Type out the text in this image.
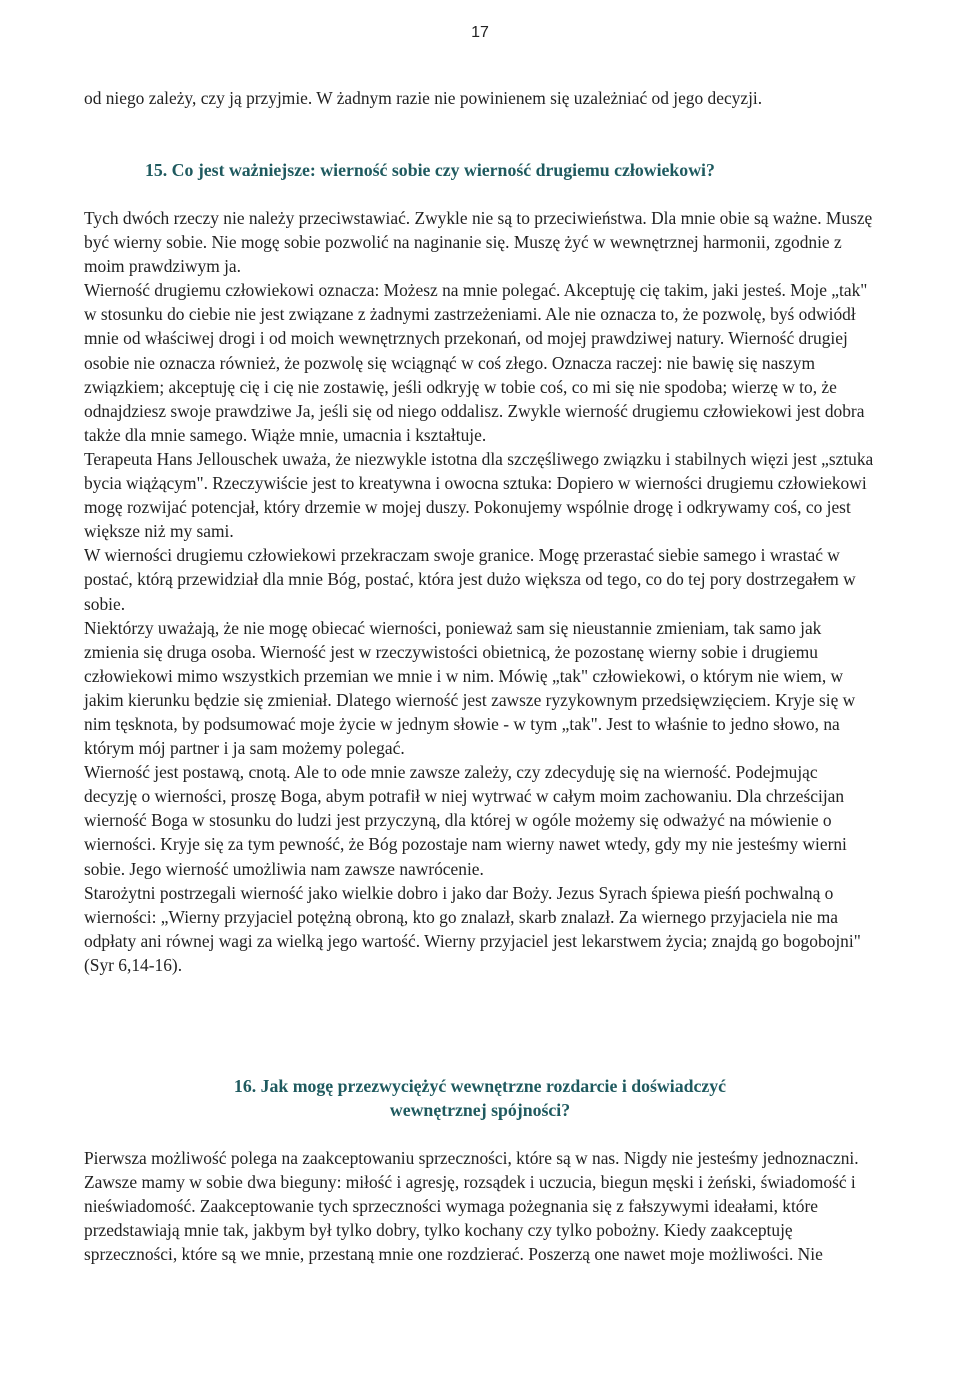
17

od niego zależy, czy ją przyjmie. W żadnym razie nie powinienem się uzależniać od jego decyzji.

15. Co jest ważniejsze: wierność sobie czy wierność drugiemu człowiekowi?

Tych dwóch rzeczy nie należy przeciwstawiać. Zwykle nie są to przeciwieństwa. Dla mnie obie są ważne. Muszę być wierny sobie. Nie mogę sobie pozwolić na naginanie się. Muszę żyć w wewnętrznej harmonii, zgodnie z moim prawdziwym ja.

Wierność drugiemu człowiekowi oznacza: Możesz na mnie polegać. Akceptuję cię takim, jaki jesteś. Moje „tak" w stosunku do ciebie nie jest związane z żadnymi zastrzeżeniami. Ale nie oznacza to, że pozwolę, byś odwiódł mnie od właściwej drogi i od moich wewnętrznych przekonań, od mojej prawdziwej natury. Wierność drugiej osobie nie oznacza również, że pozwolę się wciągnąć w coś złego. Oznacza raczej: nie bawię się naszym związkiem; akceptuję cię i cię nie zostawię, jeśli odkryję w tobie coś, co mi się nie spodoba; wierzę w to, że odnajdziesz swoje prawdziwe Ja, jeśli się od niego oddalisz. Zwykle wierność drugiemu człowiekowi jest dobra także dla mnie samego. Wiąże mnie, umacnia i kształtuje.

Terapeuta Hans Jellouschek uważa, że niezwykle istotna dla szczęśliwego związku i stabilnych więzi jest „sztuka bycia wiążącym". Rzeczywiście jest to kreatywna i owocna sztuka: Dopiero w wierności drugiemu człowiekowi mogę rozwijać potencjał, który drzemie w mojej duszy. Pokonujemy wspólnie drogę i odkrywamy coś, co jest większe niż my sami.

W wierności drugiemu człowiekowi przekraczam swoje granice. Mogę przerastać siebie samego i wrastać w postać, którą przewidział dla mnie Bóg, postać, która jest dużo większa od tego, co do tej pory dostrzegałem w sobie.

Niektórzy uważają, że nie mogę obiecać wierności, ponieważ sam się nieustannie zmieniam, tak samo jak zmienia się druga osoba. Wierność jest w rzeczywistości obietnicą, że pozostanę wierny sobie i drugiemu człowiekowi mimo wszystkich przemian we mnie i w nim. Mówię „tak" człowiekowi, o którym nie wiem, w jakim kierunku będzie się zmieniał. Dlatego wierność jest zawsze ryzykownym przedsięwzięciem. Kryje się w nim tęsknota, by podsumować moje życie w jednym słowie - w tym „tak". Jest to właśnie to jedno słowo, na którym mój partner i ja sam możemy polegać.

Wierność jest postawą, cnotą. Ale to ode mnie zawsze zależy, czy zdecyduję się na wierność. Podejmując decyzję o wierności, proszę Boga, abym potrafił w niej wytrwać w całym moim zachowaniu. Dla chrześcijan wierność Boga w stosunku do ludzi jest przyczyną, dla której w ogóle możemy się odważyć na mówienie o wierności. Kryje się za tym pewność, że Bóg pozostaje nam wierny nawet wtedy, gdy my nie jesteśmy wierni sobie. Jego wierność umożliwia nam zawsze nawrócenie.

Starożytni postrzegali wierność jako wielkie dobro i jako dar Boży. Jezus Syrach śpiewa pieśń pochwalną o wierności: „Wierny przyjaciel potężną obroną, kto go znalazł, skarb znalazł. Za wiernego przyjaciela nie ma odpłaty ani równej wagi za wielką jego wartość. Wierny przyjaciel jest lekarstwem życia; znajdą go bogobojni" (Syr 6,14-16).

16. Jak mogę przezwyciężyć wewnętrzne rozdarcie i doświadczyć
wewnętrznej spójności?

Pierwsza możliwość polega na zaakceptowaniu sprzeczności, które są w nas. Nigdy nie jesteśmy jednoznaczni. Zawsze mamy w sobie dwa bieguny: miłość i agresję, rozsądek i uczucia, biegun męski i żeński, świadomość i nieświadomość. Zaakceptowanie tych sprzeczności wymaga pożegnania się z fałszywymi ideałami, które przedstawiają mnie tak, jakbym był tylko dobry, tylko kochany czy tylko pobożny. Kiedy zaakceptuję sprzeczności, które są we mnie, przestaną mnie one rozdzierać. Poszerzą one nawet moje możliwości. Nie
